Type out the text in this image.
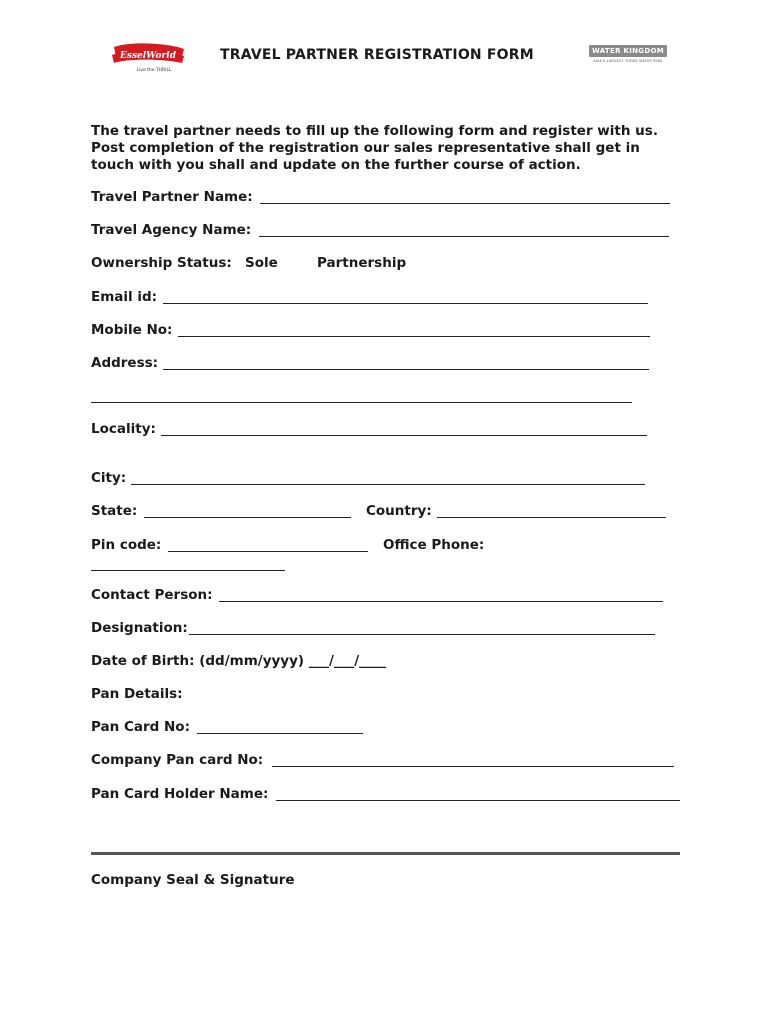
EsselWorld
Live the THRILL
TRAVEL PARTNER REGISTRATION FORM	WATER KINGDOM
ASIA'S LARGEST THEME WATER PARK
The travel partner needs to fill up the following form and register with us.
Post completion of the registration our sales representative shall get in
touch with you shall and update on the further course of action.
Travel Partner Name:
Travel Agency Name:
Ownership Status: Sole	Partnership
Email id:
Mobile No:
Address:
Locality:
City:
State:	Country:
Pin code:	Office Phone:
Contact Person:
Designation:
Date of Birth: (dd/mm/yyyy) ___/___/____
Pan Details:
Pan Card No:
Company Pan card No:
Pan Card Holder Name:
Company Seal & Signature
